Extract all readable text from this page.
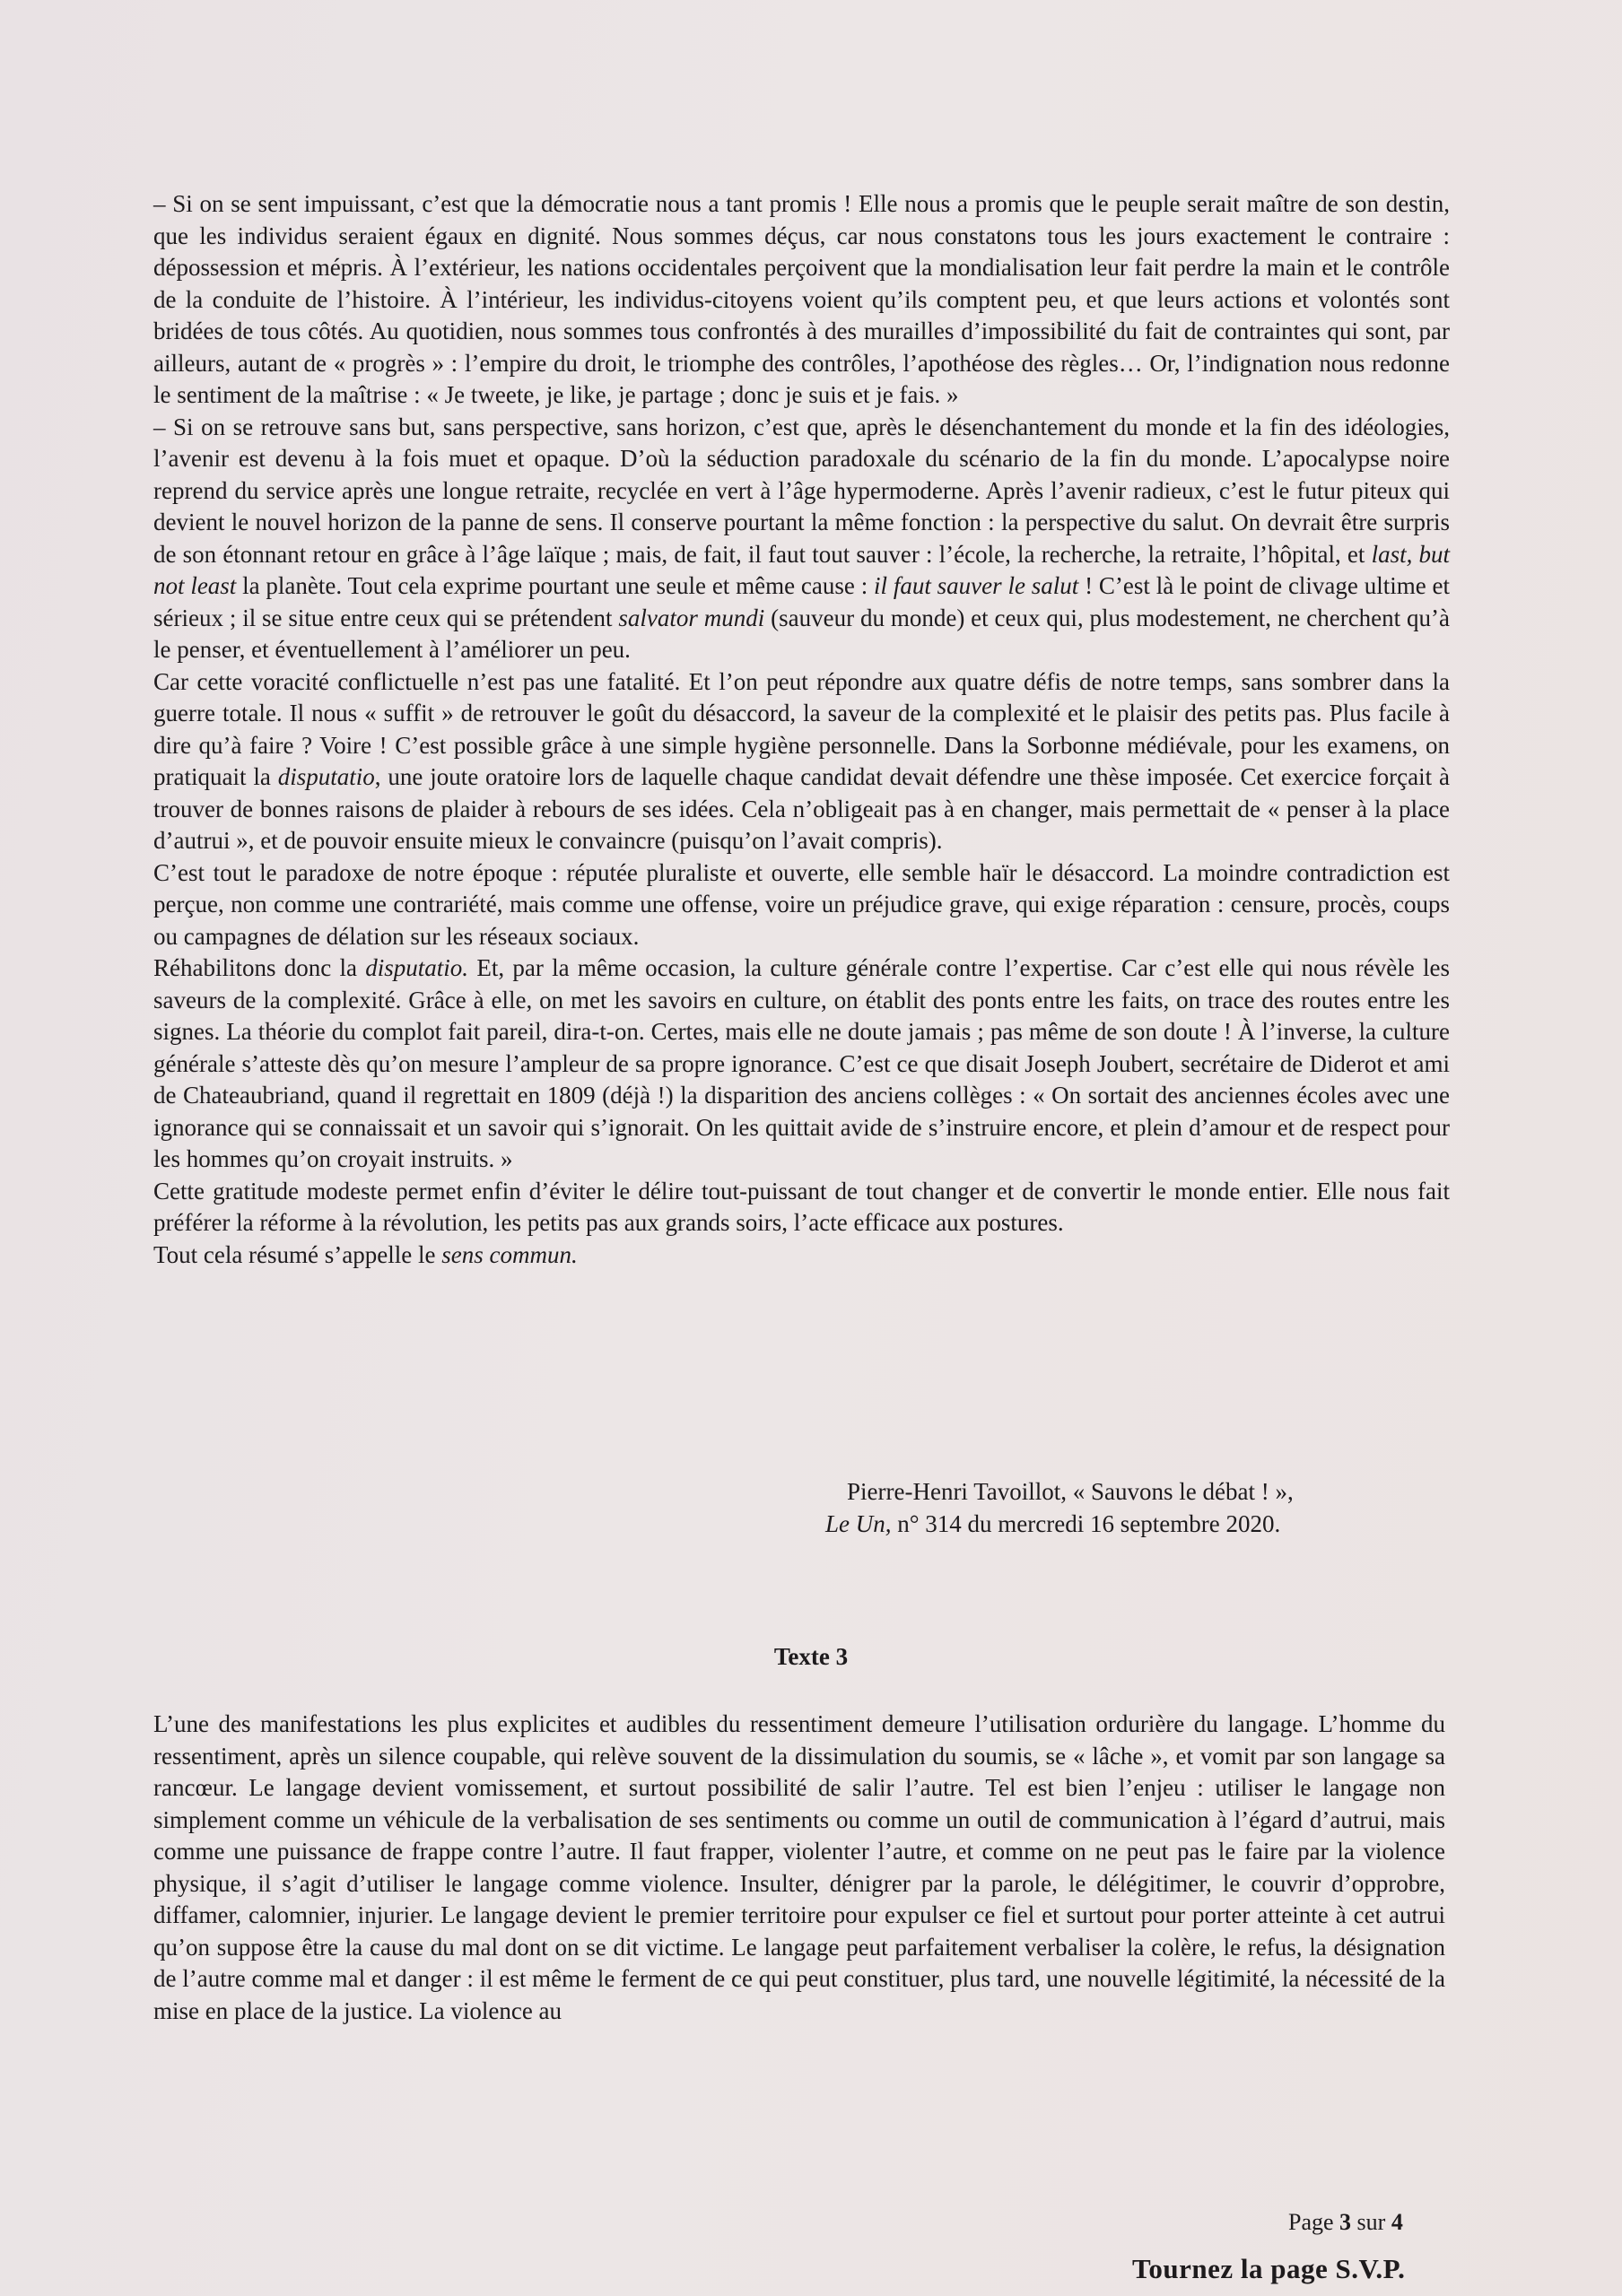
– Si on se sent impuissant, c’est que la démocratie nous a tant promis ! Elle nous a promis que le peuple serait maître de son destin, que les individus seraient égaux en dignité. Nous sommes déçus, car nous constatons tous les jours exactement le contraire : dépossession et mépris. À l’extérieur, les nations occidentales perçoivent que la mondialisation leur fait perdre la main et le contrôle de la conduite de l’histoire. À l’intérieur, les individus-citoyens voient qu’ils comptent peu, et que leurs actions et volontés sont bridées de tous côtés. Au quotidien, nous sommes tous confrontés à des murailles d’impossibilité du fait de contraintes qui sont, par ailleurs, autant de « progrès » : l’empire du droit, le triomphe des contrôles, l’apothéose des règles… Or, l’indignation nous redonne le sentiment de la maîtrise : « Je tweete, je like, je partage ; donc je suis et je fais. »

– Si on se retrouve sans but, sans perspective, sans horizon, c’est que, après le désenchantement du monde et la fin des idéologies, l’avenir est devenu à la fois muet et opaque. D’où la séduction paradoxale du scénario de la fin du monde. L’apocalypse noire reprend du service après une longue retraite, recyclée en vert à l’âge hypermoderne. Après l’avenir radieux, c’est le futur piteux qui devient le nouvel horizon de la panne de sens. Il conserve pourtant la même fonction : la perspective du salut. On devrait être surpris de son étonnant retour en grâce à l’âge laïque ; mais, de fait, il faut tout sauver : l’école, la recherche, la retraite, l’hôpital, et last, but not least la planète. Tout cela exprime pourtant une seule et même cause : il faut sauver le salut ! C’est là le point de clivage ultime et sérieux ; il se situe entre ceux qui se prétendent salvator mundi (sauveur du monde) et ceux qui, plus modestement, ne cherchent qu’à le penser, et éventuellement à l’améliorer un peu.

Car cette voracité conflictuelle n’est pas une fatalité. Et l’on peut répondre aux quatre défis de notre temps, sans sombrer dans la guerre totale. Il nous « suffit » de retrouver le goût du désaccord, la saveur de la complexité et le plaisir des petits pas. Plus facile à dire qu’à faire ? Voire ! C’est possible grâce à une simple hygiène personnelle. Dans la Sorbonne médiévale, pour les examens, on pratiquait la disputatio, une joute oratoire lors de laquelle chaque candidat devait défendre une thèse imposée. Cet exercice forçait à trouver de bonnes raisons de plaider à rebours de ses idées. Cela n’obligeait pas à en changer, mais permettait de « penser à la place d’autrui », et de pouvoir ensuite mieux le convaincre (puisqu’on l’avait compris).

C’est tout le paradoxe de notre époque : réputée pluraliste et ouverte, elle semble haïr le désaccord. La moindre contradiction est perçue, non comme une contrariété, mais comme une offense, voire un préjudice grave, qui exige réparation : censure, procès, coups ou campagnes de délation sur les réseaux sociaux.

Réhabilitons donc la disputatio. Et, par la même occasion, la culture générale contre l’expertise. Car c’est elle qui nous révèle les saveurs de la complexité. Grâce à elle, on met les savoirs en culture, on établit des ponts entre les faits, on trace des routes entre les signes. La théorie du complot fait pareil, dira-t-on. Certes, mais elle ne doute jamais ; pas même de son doute ! À l’inverse, la culture générale s’atteste dès qu’on mesure l’ampleur de sa propre ignorance. C’est ce que disait Joseph Joubert, secrétaire de Diderot et ami de Chateaubriand, quand il regrettait en 1809 (déjà !) la disparition des anciens collèges : « On sortait des anciennes écoles avec une ignorance qui se connaissait et un savoir qui s’ignorait. On les quittait avide de s’instruire encore, et plein d’amour et de respect pour les hommes qu’on croyait instruits. »

Cette gratitude modeste permet enfin d’éviter le délire tout-puissant de tout changer et de convertir le monde entier. Elle nous fait préférer la réforme à la révolution, les petits pas aux grands soirs, l’acte efficace aux postures.

Tout cela résumé s’appelle le sens commun.

Pierre-Henri Tavoillot, « Sauvons le débat ! »,
Le Un, n° 314 du mercredi 16 septembre 2020.
Texte 3

L’une des manifestations les plus explicites et audibles du ressentiment demeure l’utilisation ordurière du langage. L’homme du ressentiment, après un silence coupable, qui relève souvent de la dissimulation du soumis, se « lâche », et vomit par son langage sa rancœur. Le langage devient vomissement, et surtout possibilité de salir l’autre. Tel est bien l’enjeu : utiliser le langage non simplement comme un véhicule de la verbalisation de ses sentiments ou comme un outil de communication à l’égard d’autrui, mais comme une puissance de frappe contre l’autre. Il faut frapper, violenter l’autre, et comme on ne peut pas le faire par la violence physique, il s’agit d’utiliser le langage comme violence. Insulter, dénigrer par la parole, le délégitimer, le couvrir d’opprobre, diffamer, calomnier, injurier. Le langage devient le premier territoire pour expulser ce fiel et surtout pour porter atteinte à cet autrui qu’on suppose être la cause du mal dont on se dit victime. Le langage peut parfaitement verbaliser la colère, le refus, la désignation de l’autre comme mal et danger : il est même le ferment de ce qui peut constituer, plus tard, une nouvelle légitimité, la nécessité de la mise en place de la justice. La violence au

Page 3 sur 4
Tournez la page S.V.P.
